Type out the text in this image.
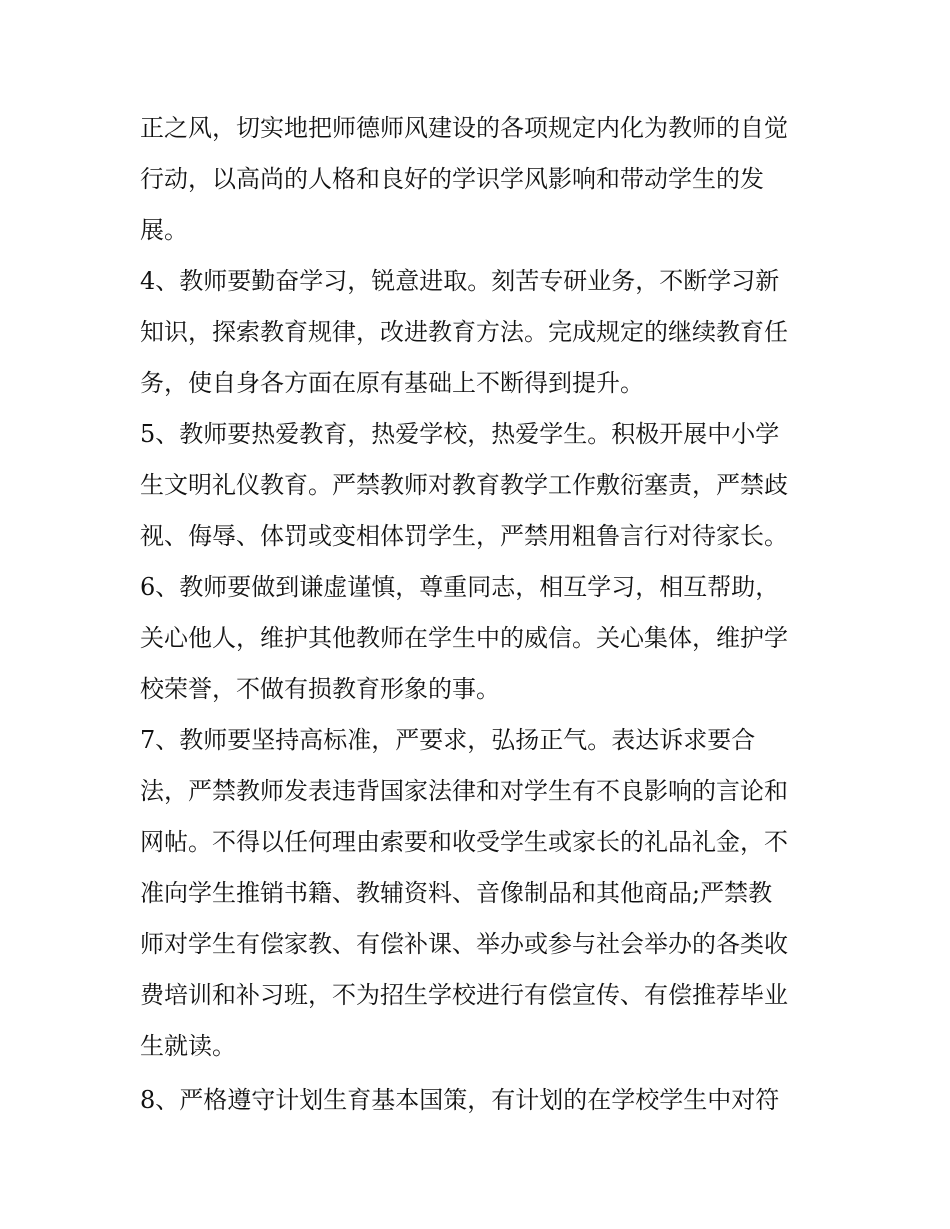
正之风，切实地把师德师风建设的各项规定内化为教师的自觉
行动，以高尚的人格和良好的学识学风影响和带动学生的发
展。
4、教师要勤奋学习，锐意进取。刻苦专研业务，不断学习新
知识，探索教育规律，改进教育方法。完成规定的继续教育任
务，使自身各方面在原有基础上不断得到提升。
5、教师要热爱教育，热爱学校，热爱学生。积极开展中小学
生文明礼仪教育。严禁教师对教育教学工作敷衍塞责，严禁歧
视、侮辱、体罚或变相体罚学生，严禁用粗鲁言行对待家长。
6、教师要做到谦虚谨慎，尊重同志，相互学习，相互帮助，
关心他人，维护其他教师在学生中的威信。关心集体，维护学
校荣誉，不做有损教育形象的事。
7、教师要坚持高标准，严要求，弘扬正气。表达诉求要合
法，严禁教师发表违背国家法律和对学生有不良影响的言论和
网帖。不得以任何理由索要和收受学生或家长的礼品礼金，不
准向学生推销书籍、教辅资料、音像制品和其他商品;严禁教
师对学生有偿家教、有偿补课、举办或参与社会举办的各类收
费培训和补习班，不为招生学校进行有偿宣传、有偿推荐毕业
生就读。
8、严格遵守计划生育基本国策，有计划的在学校学生中对符
